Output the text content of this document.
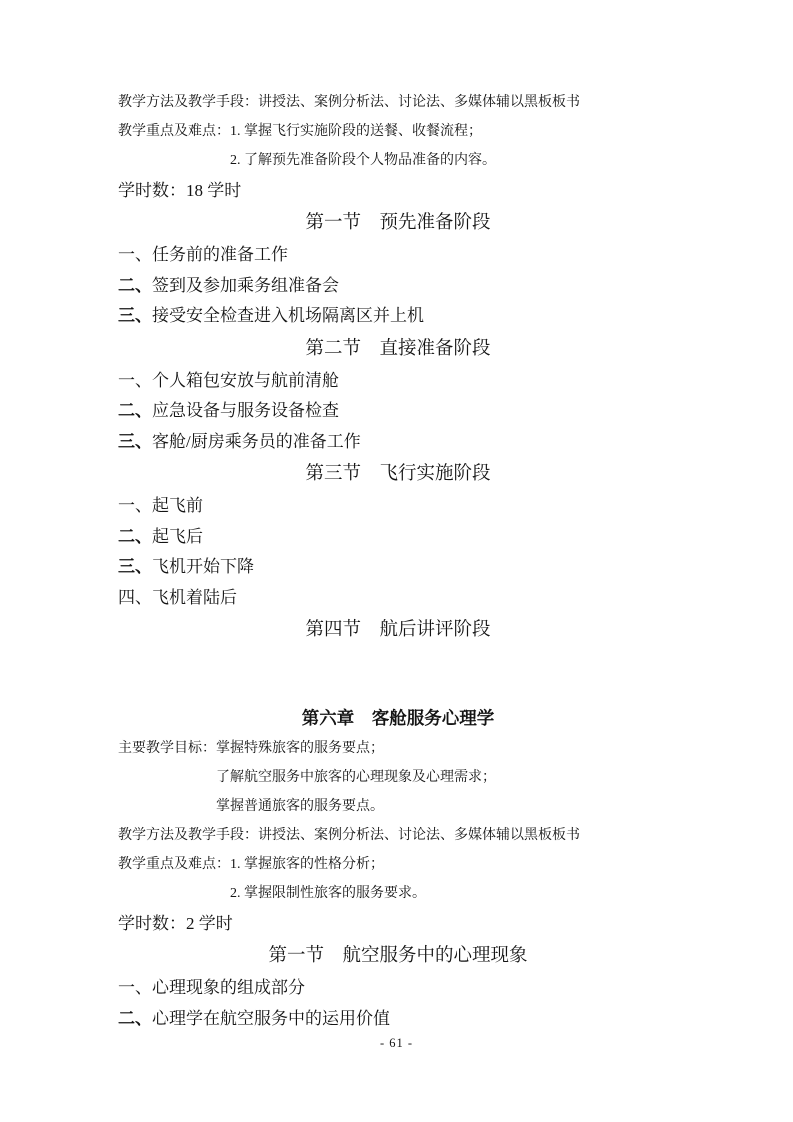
教学方法及教学手段：讲授法、案例分析法、讨论法、多媒体辅以黑板板书
教学重点及难点：1. 掌握飞行实施阶段的送餐、收餐流程；
2. 了解预先准备阶段个人物品准备的内容。
学时数：18 学时
第一节　预先准备阶段
一、任务前的准备工作
二、签到及参加乘务组准备会
三、接受安全检查进入机场隔离区并上机
第二节　直接准备阶段
一、个人箱包安放与航前清舱
二、应急设备与服务设备检查
三、客舱/厨房乘务员的准备工作
第三节　飞行实施阶段
一、起飞前
二、起飞后
三、飞机开始下降
四、飞机着陆后
第四节　航后讲评阶段
第六章　客舱服务心理学
主要教学目标：掌握特殊旅客的服务要点；
了解航空服务中旅客的心理现象及心理需求；
掌握普通旅客的服务要点。
教学方法及教学手段：讲授法、案例分析法、讨论法、多媒体辅以黑板板书
教学重点及难点：1. 掌握旅客的性格分析；
2. 掌握限制性旅客的服务要求。
学时数：2 学时
第一节　航空服务中的心理现象
一、心理现象的组成部分
二、心理学在航空服务中的运用价值
- 61 -
